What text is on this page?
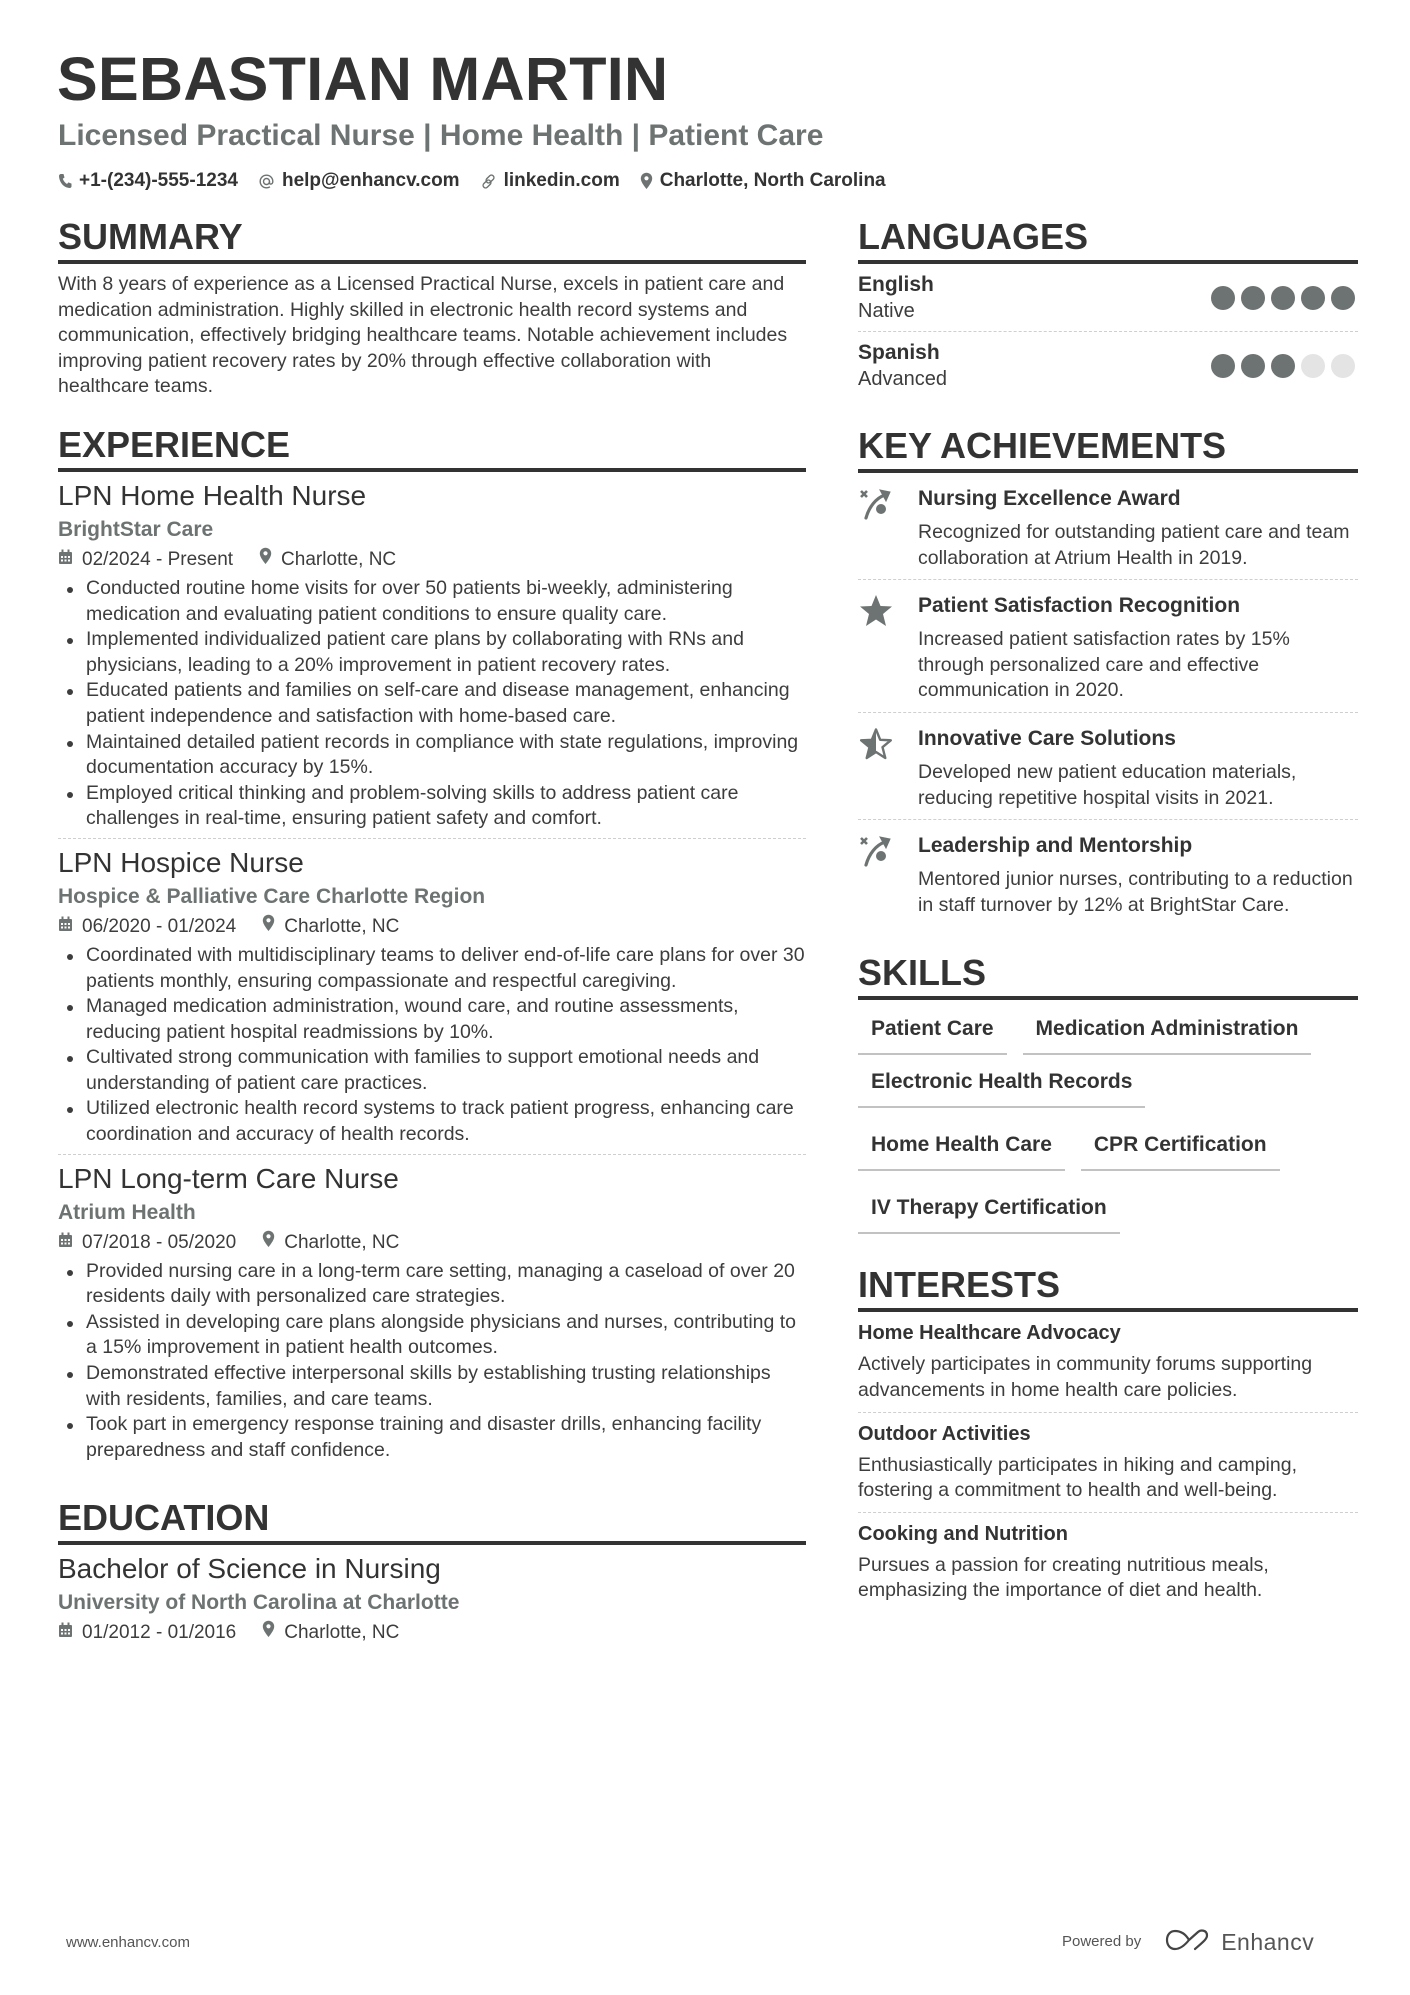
SEBASTIAN MARTIN
Licensed Practical Nurse | Home Health | Patient Care
+1-(234)-555-1234 help@enhancv.com linkedin.com Charlotte, North Carolina
SUMMARY

With 8 years of experience as a Licensed Practical Nurse, excels in patient care and medication administration. Highly skilled in electronic health record systems and communication, effectively bridging healthcare teams. Notable achievement includes improving patient recovery rates by 20% through effective collaboration with healthcare teams.

EXPERIENCE
LPN Home Health Nurse
BrightStar Care
02/2024 - Present	Charlotte, NC
Conducted routine home visits for over 50 patients bi-weekly, administering medication and evaluating patient conditions to ensure quality care.
Implemented individualized patient care plans by collaborating with RNs and physicians, leading to a 20% improvement in patient recovery rates.
Educated patients and families on self-care and disease management, enhancing patient independence and satisfaction with home-based care.
Maintained detailed patient records in compliance with state regulations, improving documentation accuracy by 15%.
Employed critical thinking and problem-solving skills to address patient care challenges in real-time, ensuring patient safety and comfort.
LPN Hospice Nurse
Hospice & Palliative Care Charlotte Region
06/2020 - 01/2024	Charlotte, NC
Coordinated with multidisciplinary teams to deliver end-of-life care plans for over 30 patients monthly, ensuring compassionate and respectful caregiving.
Managed medication administration, wound care, and routine assessments, reducing patient hospital readmissions by 10%.
Cultivated strong communication with families to support emotional needs and understanding of patient care practices.
Utilized electronic health record systems to track patient progress, enhancing care coordination and accuracy of health records.
LPN Long-term Care Nurse
Atrium Health
07/2018 - 05/2020	Charlotte, NC
Provided nursing care in a long-term care setting, managing a caseload of over 20 residents daily with personalized care strategies.
Assisted in developing care plans alongside physicians and nurses, contributing to a 15% improvement in patient health outcomes.
Demonstrated effective interpersonal skills by establishing trusting relationships with residents, families, and care teams.
Took part in emergency response training and disaster drills, enhancing facility preparedness and staff confidence.
EDUCATION
Bachelor of Science in Nursing
University of North Carolina at Charlotte
01/2012 - 01/2016	Charlotte, NC
LANGUAGES
English
Native
Spanish
Advanced
KEY ACHIEVEMENTS
Nursing Excellence Award
Recognized for outstanding patient care and team collaboration at Atrium Health in 2019.
Patient Satisfaction Recognition
Increased patient satisfaction rates by 15% through personalized care and effective communication in 2020.
Innovative Care Solutions
Developed new patient education materials, reducing repetitive hospital visits in 2021.
Leadership and Mentorship
Mentored junior nurses, contributing to a reduction in staff turnover by 12% at BrightStar Care.
SKILLS
Patient Care	Medication Administration
Electronic Health Records
Home Health Care	CPR Certification
IV Therapy Certification
INTERESTS
Home Healthcare Advocacy
Actively participates in community forums supporting advancements in home health care policies.
Outdoor Activities
Enthusiastically participates in hiking and camping, fostering a commitment to health and well-being.
Cooking and Nutrition
Pursues a passion for creating nutritious meals, emphasizing the importance of diet and health.
www.enhancv.com	Powered by	Enhancv
